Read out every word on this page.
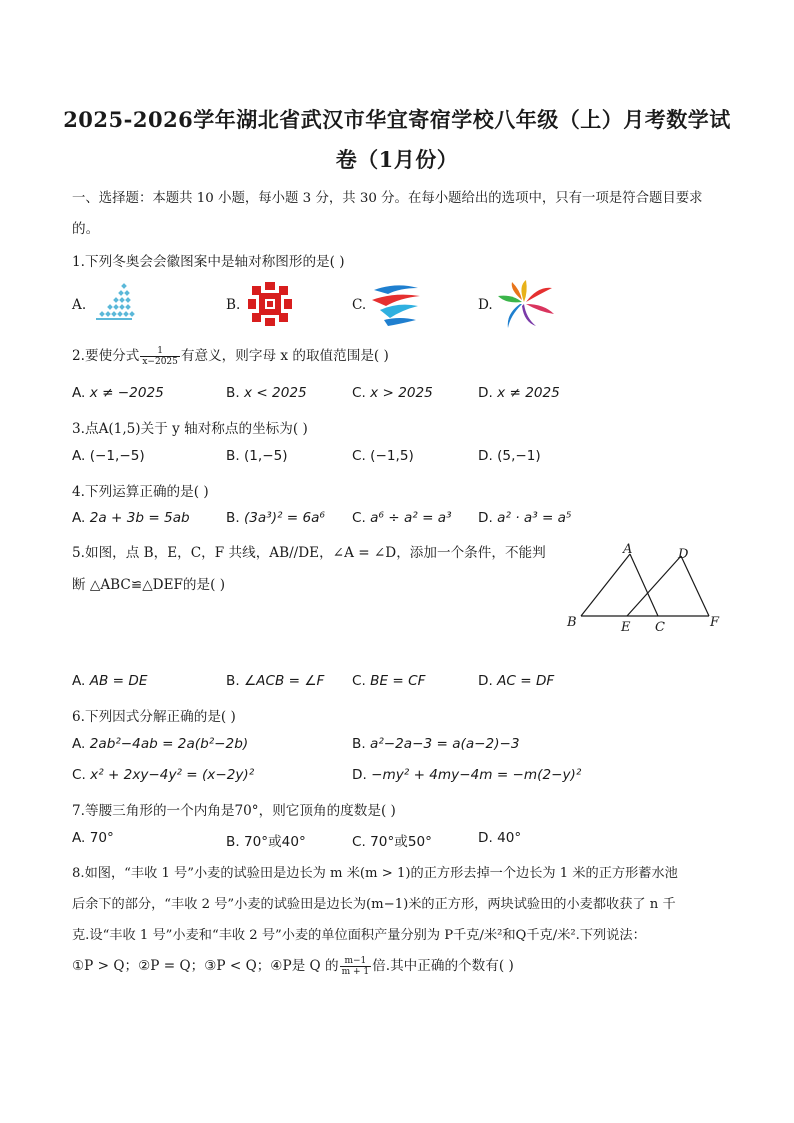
2025-2026学年湖北省武汉市华宜寄宿学校八年级（上）月考数学试
卷（1月份）
一、选择题：本题共 10 小题，每小题 3 分，共 30 分。在每小题给出的选项中，只有一项是符合题目要求
的。
1.下列冬奥会会徽图案中是轴对称图形的是( )
A.	B.	C.	D.
2.要使分式 $\frac{1}{x-2025}$ 有意义，则字母 x 的取值范围是( )
A. x ≠ −2025	B. x < 2025	C. x > 2025	D. x ≠ 2025
3.点A(1,5)关于 y 轴对称点的坐标为( )
A. (−1,−5)	B. (1,−5)	C. (−1,5)	D. (5,−1)
4.下列运算正确的是( )
A. 2a + 3b = 5ab	B. (3a³)² = 6a⁶ C. a⁶ ÷ a² = a³ D. a² · a³ = a⁵
5.如图，点 B，E，C，F 共线，AB//DE，∠A = ∠D，添加一个条件，不能判
断 △ABC≌△DEF的是( )
A	D
B	E C	F
A. AB = DE	B. ∠ACB = ∠F C. BE = CF	D. AC = DF
6.下列因式分解正确的是( )
A. 2ab²−4ab = 2a(b²−2b)	B. a²−2a−3 = a(a−2)−3
C. x² + 2xy−4y² = (x−2y)²	D. −my² + 4my−4m = −m(2−y)²
7.等腰三角形的一个内角是70°，则它顶角的度数是( )
A. 70°	B. 70°或40°	C. 70°或50°	D. 40°
8.如图，“丰收 1 号”小麦的试验田是边长为 m 米(m > 1)的正方形去掉一个边长为 1 米的正方形蓄水池
后余下的部分，“丰收 2 号”小麦的试验田是边长为(m−1)米的正方形，两块试验田的小麦都收获了 n 千
克.设“丰收 1 号”小麦和“丰收 2 号”小麦的单位面积产量分别为 P千克/米²和Q千克/米².下列说法：
①P > Q；②P = Q；③P < Q；④P是 Q 的 $\frac{m-1}{m + 1}$ 倍.其中正确的个数有( )
